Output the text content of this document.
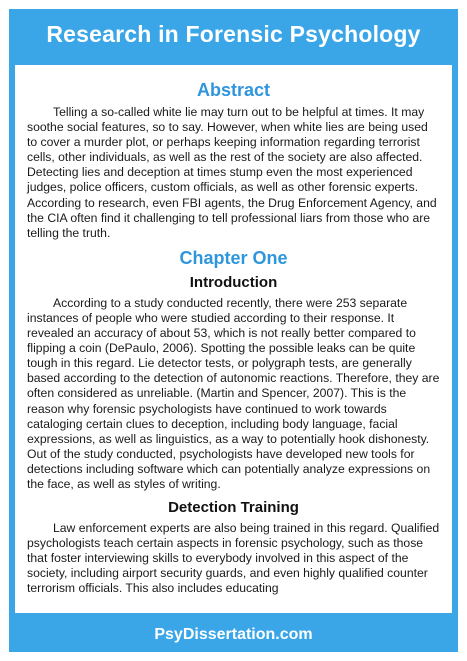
Research in Forensic Psychology
Abstract

Telling a so-called white lie may turn out to be helpful at times. It may soothe social features, so to say. However, when white lies are being used to cover a murder plot, or perhaps keeping information regarding terrorist cells, other individuals, as well as the rest of the society are also affected. Detecting lies and deception at times stump even the most experienced judges, police officers, custom officials, as well as other forensic experts. According to research, even FBI agents, the Drug Enforcement Agency, and the CIA often find it challenging to tell professional liars from those who are telling the truth.

Chapter One
Introduction

According to a study conducted recently, there were 253 separate instances of people who were studied according to their response. It revealed an accuracy of about 53, which is not really better compared to flipping a coin (DePaulo, 2006). Spotting the possible leaks can be quite tough in this regard. Lie detector tests, or polygraph tests, are generally based according to the detection of autonomic reactions. Therefore, they are often considered as unreliable. (Martin and Spencer, 2007). This is the reason why forensic psychologists have continued to work towards cataloging certain clues to deception, including body language, facial expressions, as well as linguistics, as a way to potentially hook dishonesty. Out of the study conducted, psychologists have developed new tools for detections including software which can potentially analyze expressions on the face, as well as styles of writing.

Detection Training

Law enforcement experts are also being trained in this regard. Qualified psychologists teach certain aspects in forensic psychology, such as those that foster interviewing skills to everybody involved in this aspect of the society, including airport security guards, and even highly qualified counter terrorism officials. This also includes educating

PsyDissertation.com
